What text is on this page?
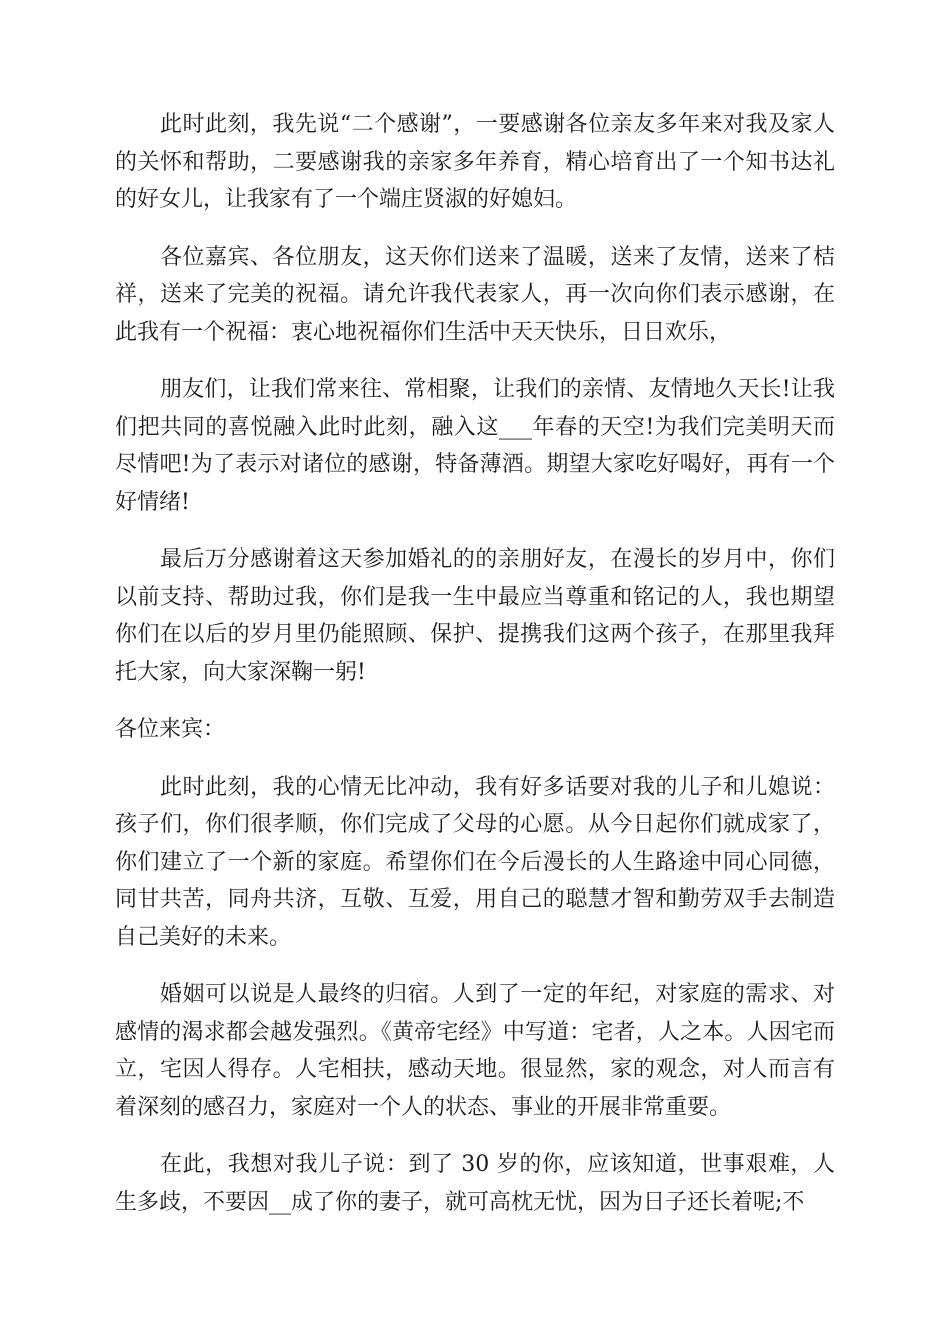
此时此刻，我先说“二个感谢”，一要感谢各位亲友多年来对我及家人的关怀和帮助，二要感谢我的亲家多年养育，精心培育出了一个知书达礼的好女儿，让我家有了一个端庄贤淑的好媳妇。

各位嘉宾、各位朋友，这天你们送来了温暖，送来了友情，送来了桔祥，送来了完美的祝福。请允许我代表家人，再一次向你们表示感谢，在此我有一个祝福：衷心地祝福你们生活中天天快乐，日日欢乐，

朋友们，让我们常来往、常相聚，让我们的亲情、友情地久天长!让我们把共同的喜悦融入此时此刻，融入这___年春的天空!为我们完美明天而尽情吧!为了表示对诸位的感谢，特备薄酒。期望大家吃好喝好，再有一个好情绪!

最后万分感谢着这天参加婚礼的的亲朋好友，在漫长的岁月中，你们以前支持、帮助过我，你们是我一生中最应当尊重和铭记的人，我也期望你们在以后的岁月里仍能照顾、保护、提携我们这两个孩子，在那里我拜托大家，向大家深鞠一躬!

各位来宾：

此时此刻，我的心情无比冲动，我有好多话要对我的儿子和儿媳说：孩子们，你们很孝顺，你们完成了父母的心愿。从今日起你们就成家了，你们建立了一个新的家庭。希望你们在今后漫长的人生路途中同心同德，同甘共苦，同舟共济，互敬、互爱，用自己的聪慧才智和勤劳双手去制造自己美好的未来。

婚姻可以说是人最终的归宿。人到了一定的年纪，对家庭的需求、对感情的渴求都会越发强烈。《黄帝宅经》中写道：宅者，人之本。人因宅而立，宅因人得存。人宅相扶，感动天地。很显然，家的观念，对人而言有着深刻的感召力，家庭对一个人的状态、事业的开展非常重要。

在此，我想对我儿子说：到了 30 岁的你，应该知道，世事艰难，人生多歧，不要因__成了你的妻子，就可高枕无忧，因为日子还长着呢;不
